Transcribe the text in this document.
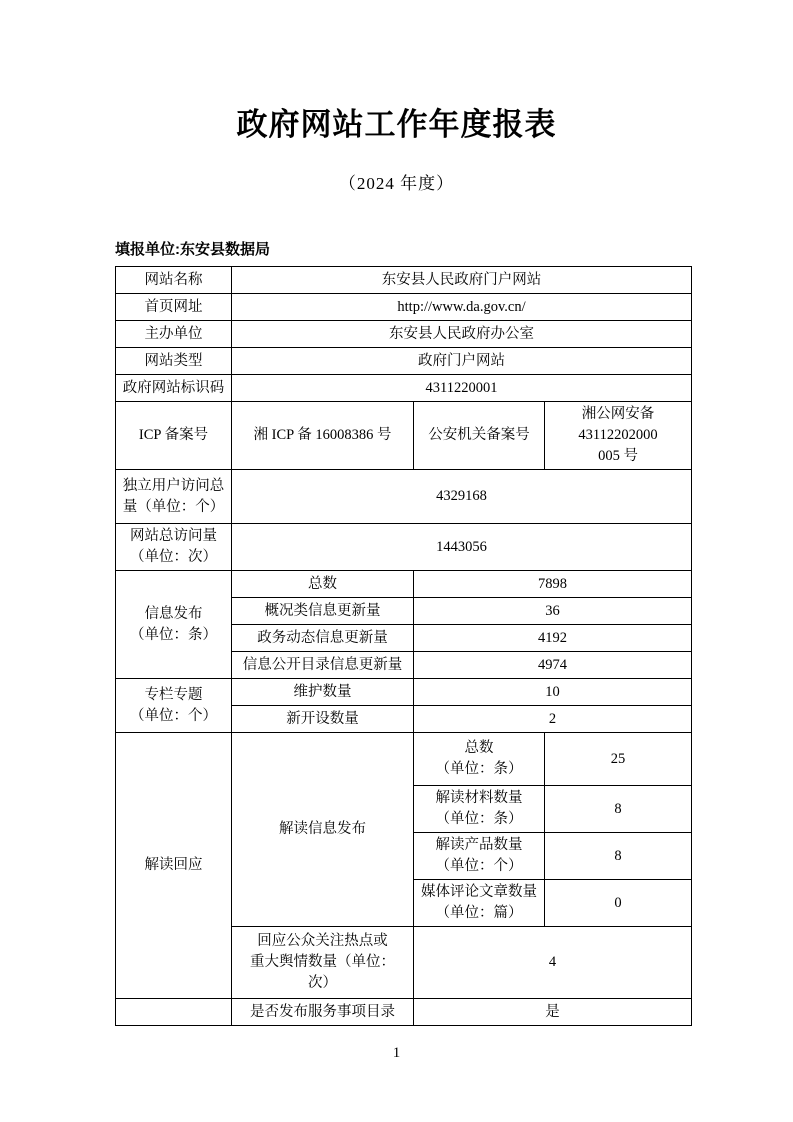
政府网站工作年度报表
（2024 年度）
填报单位:东安县数据局
网站名称	东安县人民政府门户网站		
首页网址	http://www.da.gov.cn/		
主办单位	东安县人民政府办公室		
网站类型	政府门户网站		
政府网站标识码	4311220001		
ICP 备案号	湘 ICP 备 16008386 号	公安机关备案号	湘公网安备
43112202000
005 号
独立用户访问总
量（单位：个）	4329168		
网站总访问量
（单位：次）	1443056		
信息发布
（单位：条）	总数	7898	
	概况类信息更新量	36	
	政务动态信息更新量	4192	
	信息公开目录信息更新量	4974	
专栏专题
（单位：个）	维护数量	10	
	新开设数量	2	
解读回应	解读信息发布	总数
（单位：条）	25
		解读材料数量
（单位：条）	8
		解读产品数量
（单位：个）	8
		媒体评论文章数量
（单位：篇）	0
	回应公众关注热点或
重大舆情数量（单位：
次）	4	
	是否发布服务事项目录	是	
1
